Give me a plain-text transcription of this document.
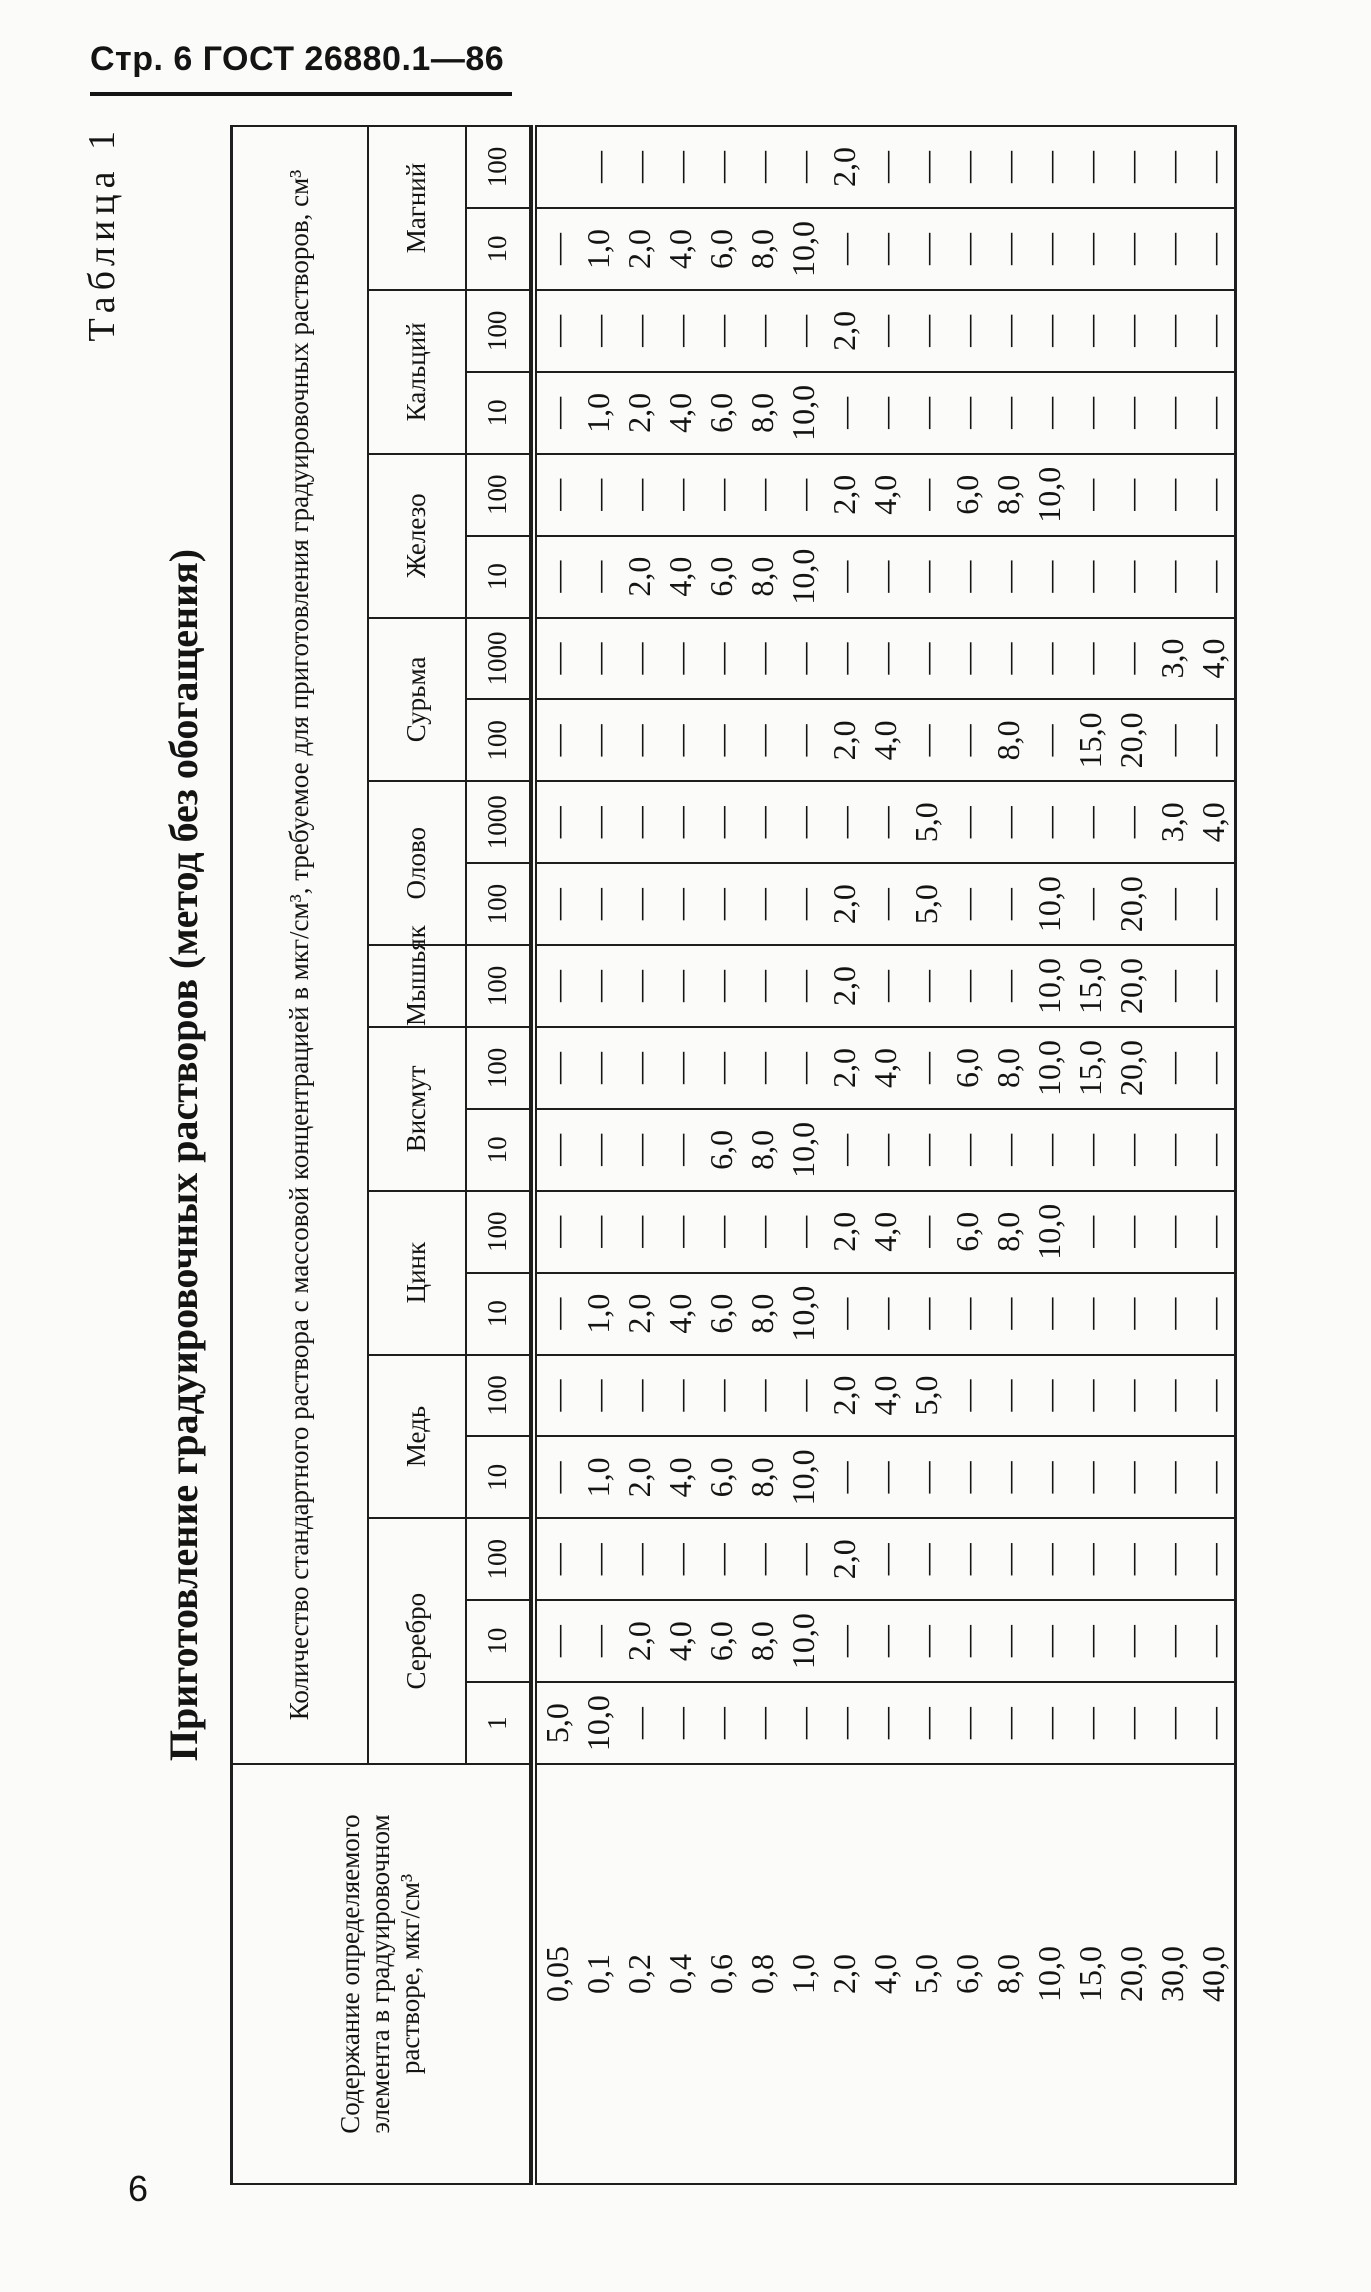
Стр. 6 ГОСТ 26880.1—86
Таблица 1
Приготовление градуировочных растворов (метод без обогащения)
Содержание определяемого элемента в градуировочном растворе, мкг/см³	Количество стандартного раствора с массовой концентрацией в мкг/см³, требуемое для приготовления градуировочных растворов, см³																			
	Серебро			Медь		Цинк		Висмут		Мышьяк	Олово		Сурьма		Железо		Кальций		Магний	
	1	10	100	10	100	10	100	10	100	100	100	1000	100	1000	10	100	10	100	10	100

0,05	5,0	—	—	—	—	—	—	—	—	—	—	—	—	—	—	—	—	—	—	
0,1	10,0	—	—	1,0	—	1,0	—	—	—	—	—	—	—	—	—	—	1,0	—	1,0	—
0,2	—	2,0	—	2,0	—	2,0	—	—	—	—	—	—	—	—	2,0	—	2,0	—	2,0	—
0,4	—	4,0	—	4,0	—	4,0	—	—	—	—	—	—	—	—	4,0	—	4,0	—	4,0	—
0,6	—	6,0	—	6,0	—	6,0	—	6,0	—	—	—	—	—	—	6,0	—	6,0	—	6,0	—
0,8	—	8,0	—	8,0	—	8,0	—	8,0	—	—	—	—	—	—	8,0	—	8,0	—	8,0	—
1,0	—	10,0	—	10,0	—	10,0	—	10,0	—	—	—	—	—	—	10,0	—	10,0	—	10,0	—
2,0	—	—	2,0	—	2,0	—	2,0	—	2,0	2,0	2,0	—	2,0	—	—	2,0	—	2,0	—	2,0
4,0	—	—	—	—	4,0	—	4,0	—	4,0	—	—	—	4,0	—	—	4,0	—	—	—	—
5,0	—	—	—	—	5,0	—	—	—	—	—	5,0	5,0	—	—	—	—	—	—	—	—
6,0	—	—	—	—	—	—	6,0	—	6,0	—	—	—	—	—	—	6,0	—	—	—	—
8,0	—	—	—	—	—	—	8,0	—	8,0	—	—	—	8,0	—	—	8,0	—	—	—	—
10,0	—	—	—	—	—	—	10,0	—	10,0	10,0	10,0	—	—	—	—	10,0	—	—	—	—
15,0	—	—	—	—	—	—	—	—	15,0	15,0	—	—	15,0	—	—	—	—	—	—	—
20,0	—	—	—	—	—	—	—	—	20,0	20,0	20,0	—	20,0	—	—	—	—	—	—	—
30,0	—	—	—	—	—	—	—	—	—	—	—	3,0	—	3,0	—	—	—	—	—	—
40,0	—	—	—	—	—	—	—	—	—	—	—	4,0	—	4,0	—	—	—	—	—	—
6
